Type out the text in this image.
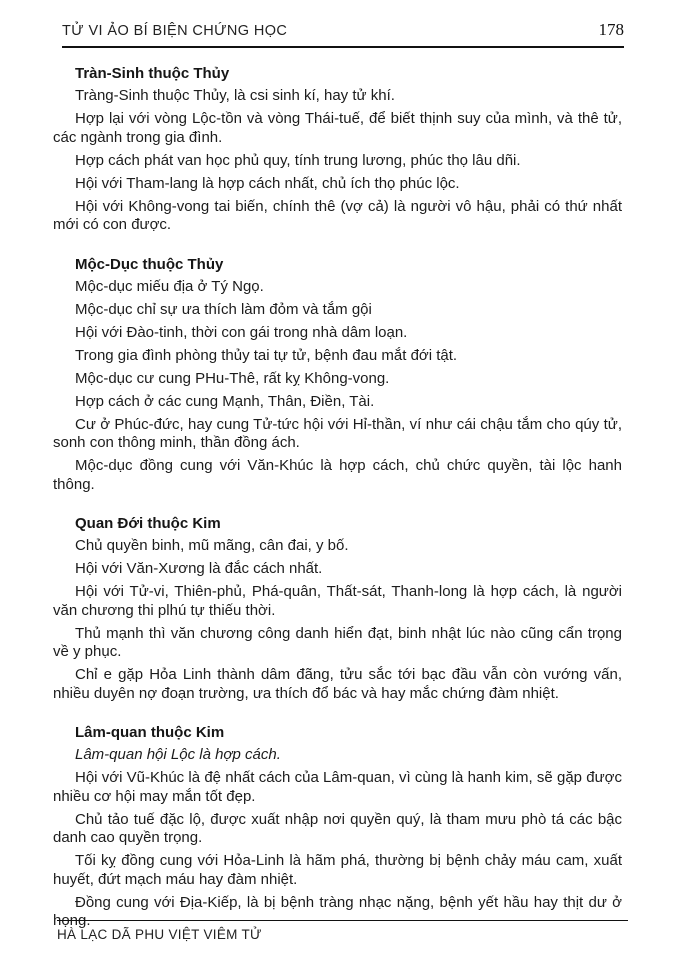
TỬ VI ẢO BÍ BIỆN CHỨNG HỌC	178
Tràn-Sinh thuộc Thủy

Tràng-Sinh thuộc Thủy, là csi sinh kí, hay tử khí.

Hợp lại với vòng Lộc-tồn và vòng Thái-tuế, để biết thịnh suy của mình, và thê tử, các ngành trong gia đình.

Hợp cách phát van học phủ quy, tính trung lương, phúc thọ lâu dñi.

Hội với Tham-lang là hợp cách nhất, chủ ích thọ phúc lộc.

Hội với Không-vong tai biến, chính thê (vợ cả) là người vô hậu, phải có thứ nhất mới có con được.

Mộc-Dục thuộc Thủy

Mộc-dục miếu địa ở Tý Ngọ.

Mộc-dục chỉ sự ưa thích làm đỏm và tắm gội

Hội với Đào-tinh, thời con gái trong nhà dâm loạn.

Trong gia đình phòng thủy tai tự tử, bệnh đau mắt đới tật.

Mộc-dục cư cung PHu-Thê, rất kỵ Không-vong.

Hợp cách ở các cung Mạnh, Thân, Điền, Tài.

Cư ở Phúc-đức, hay cung Tử-tức hội với Hỉ-thần, ví như cái chậu tắm cho qúy tử, sonh con thông minh, thần đồng ách.

Mộc-dục đồng cung với Văn-Khúc là hợp cách, chủ chức quyền, tài lộc hanh thông.

Quan Đới thuộc Kim

Chủ quyền binh, mũ mãng, cân đai, y bố.

Hội với Văn-Xương là đắc cách nhất.

Hội với Tử-vi, Thiên-phủ, Phá-quân, Thất-sát, Thanh-long là hợp cách, là người văn chương thi plhú tự thiếu thời.

Thủ mạnh thì văn chương công danh hiển đạt, binh nhật lúc nào cũng cẩn trọng về y phục.

Chỉ e gặp Hỏa Linh thành dâm đãng, tửu sắc tới bạc đầu vẫn còn vướng vấn, nhiều duyên nợ đoạn trường, ưa thích đổ bác và hay mắc chứng đàm nhiệt.

Lâm-quan thuộc Kim

Lâm-quan hội Lộc là hợp cách.

Hội với Vũ-Khúc là đệ nhất cách của Lâm-quan, vì cùng là hanh kim, sẽ gặp được nhiều cơ hội may mắn tốt đẹp.

Chủ tảo tuế đặc lộ, được xuất nhập nơi quyền quý, là tham mưu phò tá các bậc danh cao quyền trọng.

Tối kỵ đồng cung với Hỏa-Linh là hãm phá, thường bị bệnh chảy máu cam, xuất huyết, đứt mạch máu hay đàm nhiệt.

Đồng cung với Địa-Kiếp, là bị bệnh tràng nhạc nặng, bệnh yết hầu hay thịt dư ở họng.

HÀ LẠC DÃ PHU VIỆT VIÊM TỬ
